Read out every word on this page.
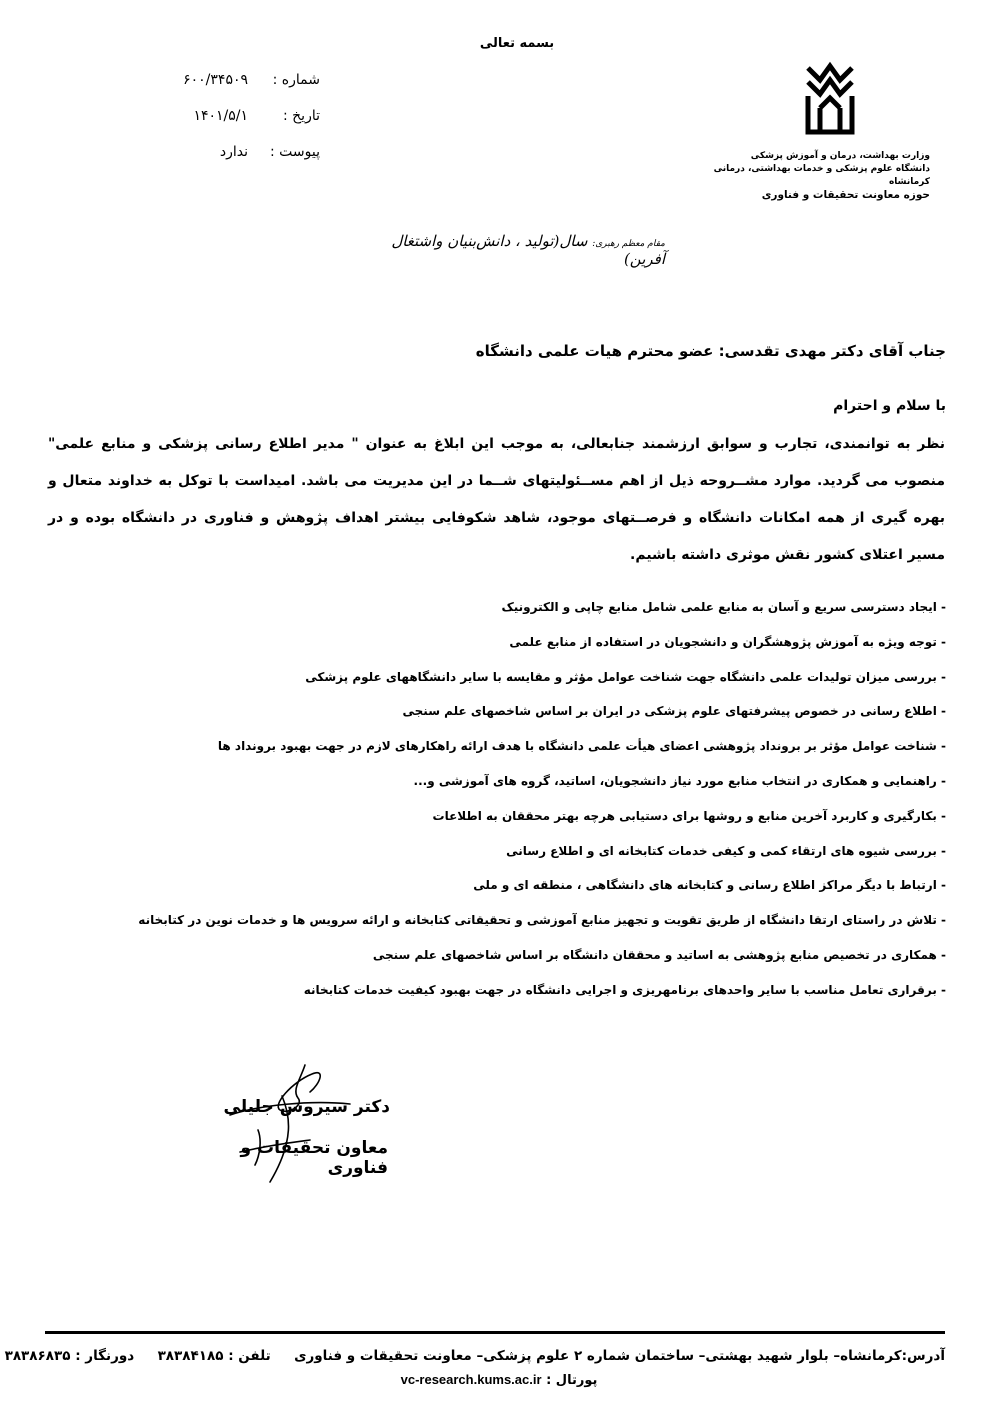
بسمه تعالی
وزارت بهداشت، درمان و آموزش پزشکی
دانشگاه علوم پزشکی و خدمات بهداشتی، درمانی کرمانشاه
حوزه معاونت تحقیقات و فناوری
شماره :
۶۰۰/۳۴۵۰۹
تاریخ :
۱۴۰۱/۵/۱
پیوست :
ندارد
مقام معظم رهبری: سال(تولید ، دانش‌بنیان واشتغال آفرین)
جناب آقای دکتر مهدی تقدسی: عضو محترم هیات علمی دانشگاه
با سلام و احترام
نظر به توانمندی، تجارب و سوابق ارزشمند جنابعالی، به موجب این ابلاغ به عنوان " مدیر اطلاع رسانی پزشکی و منابع علمی" منصوب می گردید. موارد مشــروحه ذیل از اهم مســئولیتهای شــما در این مدیریت می باشد. امیداست با توکل به خداوند متعال و بهره گیری از همه امکانات دانشگاه و فرصــتهای موجود، شاهد شکوفایی بیشتر اهداف پژوهش و فناوری در دانشگاه بوده و در مسیر اعتلای کشور نقش موثری داشته باشیم.
- ایجاد دسترسی سریع و آسان به منابع علمی شامل منابع چاپی و الکترونیک
- توجه ویژه به آموزش پژوهشگران و دانشجویان در استفاده از منابع علمی
- بررسی میزان تولیدات علمی دانشگاه جهت شناخت عوامل مؤثر و مقایسه با سایر دانشگاههای علوم پزشکی
- اطلاع رسانی در خصوص پیشرفتهای علوم پزشکی در ایران بر اساس شاخصهای علم سنجی
- شناخت عوامل مؤثر بر برونداد پژوهشی اعضای هیأت علمی دانشگاه با هدف ارائه راهکارهای لازم در جهت بهبود برونداد ها
- راهنمایی و همکاری در انتخاب منابع مورد نیاز دانشجویان، اساتید، گروه های آموزشی و...
- بکارگیری و کاربرد آخرین منابع و روشها برای دستیابی هرچه بهتر محققان به اطلاعات
- بررسی شیوه های ارتقاء کمی و کیفی خدمات کتابخانه ای و اطلاع رسانی
- ارتباط با دیگر مراکز اطلاع رسانی و کتابخانه های دانشگاهی ، منطقه ای و ملی
- تلاش در راستای ارتقا دانشگاه از طریق تقویت و تجهیز منابع آموزشی و تحقیقاتی کتابخانه و ارائه سرویس ها و خدمات نوین در کتابخانه
- همکاری در تخصیص منابع پژوهشی به اساتید و محققان دانشگاه بر اساس شاخصهای علم سنجی
- برقراری تعامل مناسب با سایر واحدهای برنامهریزی و اجرایی دانشگاه در جهت بهبود کیفیت خدمات کتابخانه
دکتر سیروس جلیلی
معاون تحقیقات و فناوری
آدرس:کرمانشاه– بلوار شهید بهشتی– ساختمان شماره ۲ علوم پزشکی– معاونت تحقیقات و فناوری  تلفن : ۳۸۳۸۴۱۸۵  دورنگار : ۳۸۳۸۶۸۳۵
پورتال : vc-research.kums.ac.ir
